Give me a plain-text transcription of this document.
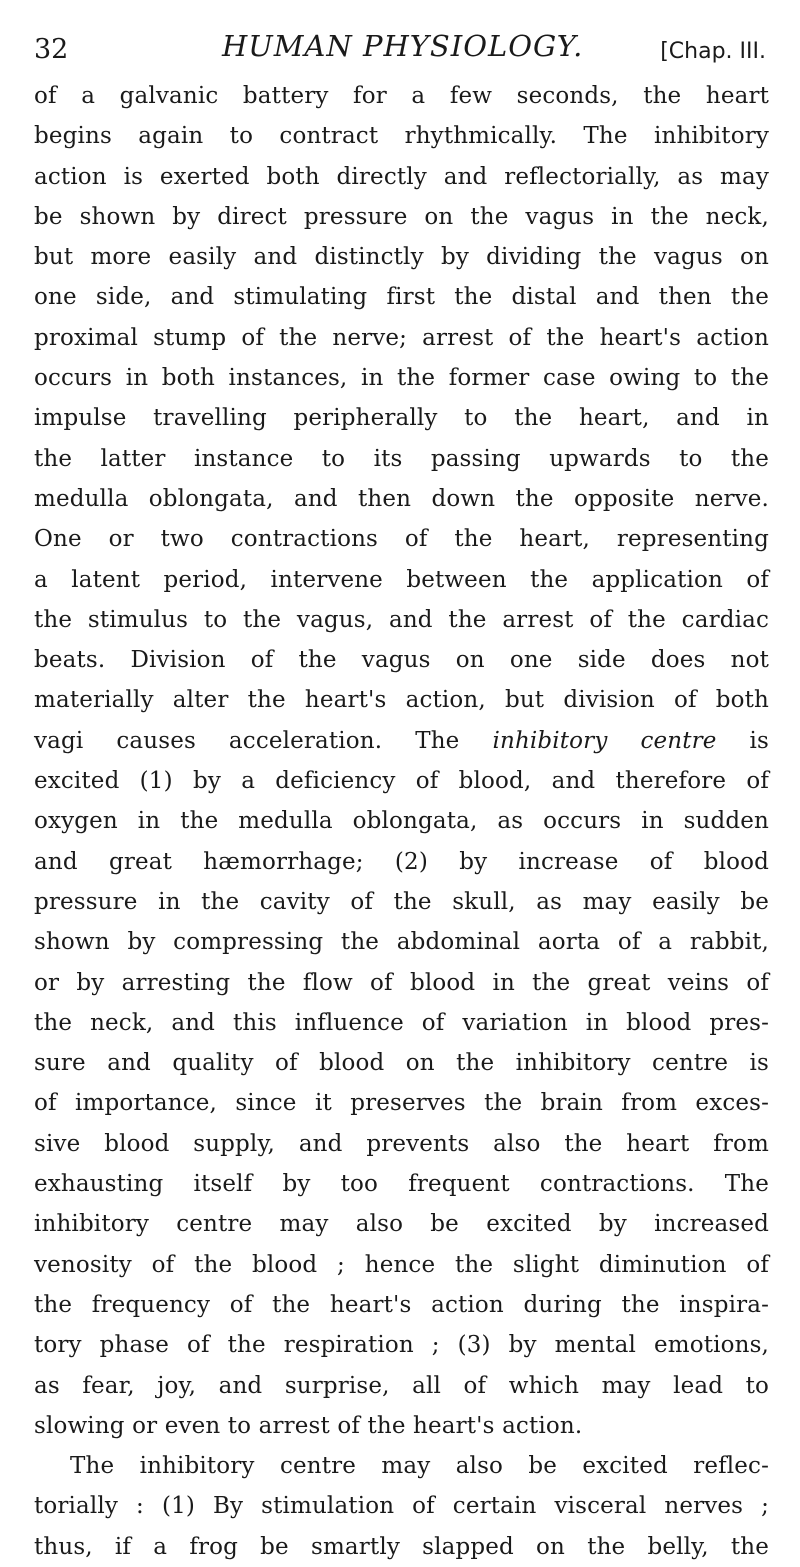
32	HUMAN PHYSIOLOGY.	[Chap. III.
of a galvanic battery for a few seconds, the heart
begins again to contract rhythmically. The inhibitory
action is exerted both directly and reflectorially, as may
be shown by direct pressure on the vagus in the neck,
but more easily and distinctly by dividing the vagus on
one side, and stimulating first the distal and then the
proximal stump of the nerve; arrest of the heart's action
occurs in both instances, in the former case owing to the
impulse travelling peripherally to the heart, and in
the latter instance to its passing upwards to the
medulla oblongata, and then down the opposite nerve.
One or two contractions of the heart, representing
a latent period, intervene between the application of
the stimulus to the vagus, and the arrest of the cardiac
beats. Division of the vagus on one side does not
materially alter the heart's action, but division of both
vagi causes acceleration. The inhibitory centre is
excited (1) by a deficiency of blood, and therefore of
oxygen in the medulla oblongata, as occurs in sudden
and great hæmorrhage; (2) by increase of blood
pressure in the cavity of the skull, as may easily be
shown by compressing the abdominal aorta of a rabbit,
or by arresting the flow of blood in the great veins of
the neck, and this influence of variation in blood pres-
sure and quality of blood on the inhibitory centre is
of importance, since it preserves the brain from exces-
sive blood supply, and prevents also the heart from
exhausting itself by too frequent contractions. The
inhibitory centre may also be excited by increased
venosity of the blood ; hence the slight diminution of
the frequency of the heart's action during the inspira-
tory phase of the respiration ; (3) by mental emotions,
as fear, joy, and surprise, all of which may lead to
slowing or even to arrest of the heart's action.
The inhibitory centre may also be excited reflec-
torially : (1) By stimulation of certain visceral nerves ;
thus, if a frog be smartly slapped on the belly, the
